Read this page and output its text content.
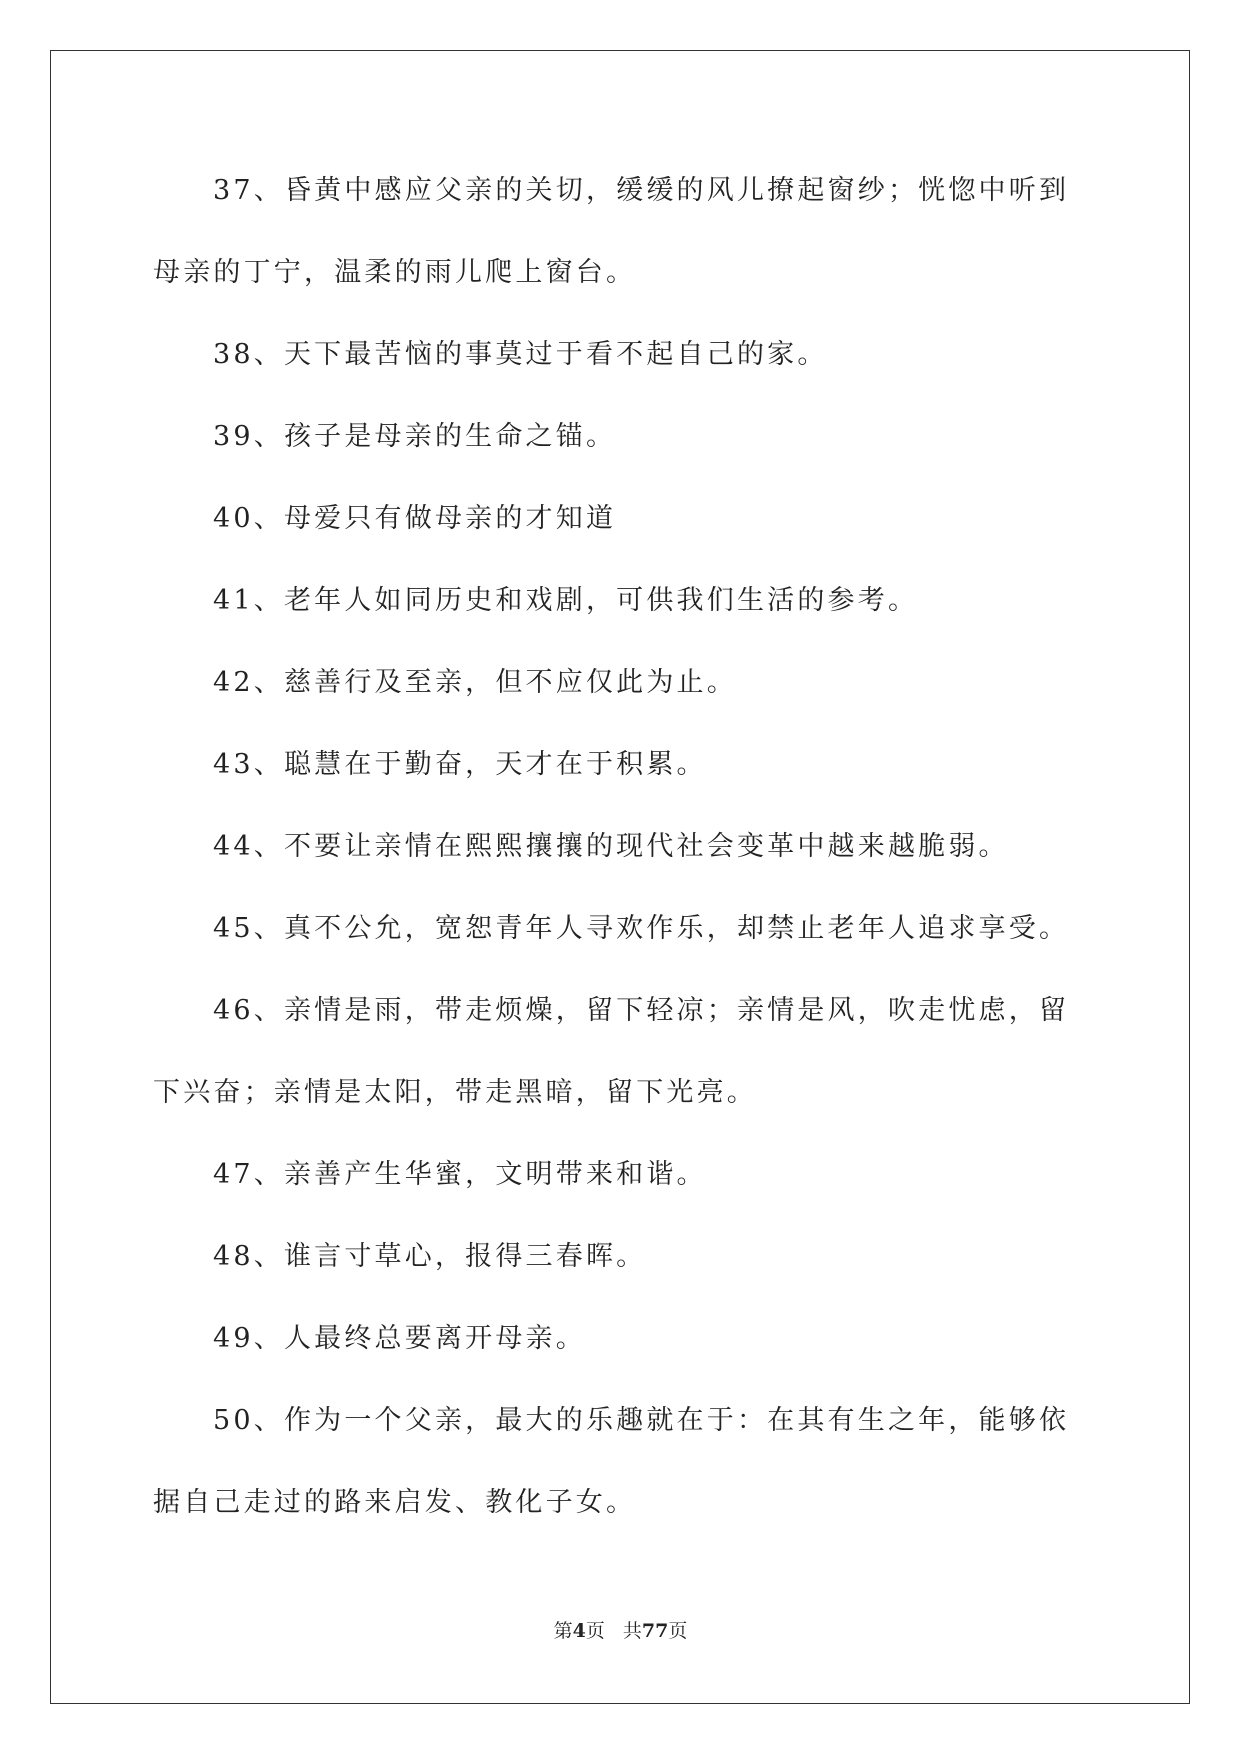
37、昏黄中感应父亲的关切，缓缓的风儿撩起窗纱；恍惚中听到母亲的丁宁，温柔的雨儿爬上窗台。

38、天下最苦恼的事莫过于看不起自己的家。

39、孩子是母亲的生命之锚。

40、母爱只有做母亲的才知道

41、老年人如同历史和戏剧，可供我们生活的参考。

42、慈善行及至亲，但不应仅此为止。

43、聪慧在于勤奋，天才在于积累。

44、不要让亲情在熙熙攘攘的现代社会变革中越来越脆弱。

45、真不公允，宽恕青年人寻欢作乐，却禁止老年人追求享受。

46、亲情是雨，带走烦燥，留下轻凉；亲情是风，吹走忧虑，留下兴奋；亲情是太阳，带走黑暗，留下光亮。

47、亲善产生华蜜，文明带来和谐。

48、谁言寸草心，报得三春晖。

49、人最终总要离开母亲。

50、作为一个父亲，最大的乐趣就在于：在其有生之年，能够依据自己走过的路来启发、教化子女。

第4页 共77页
